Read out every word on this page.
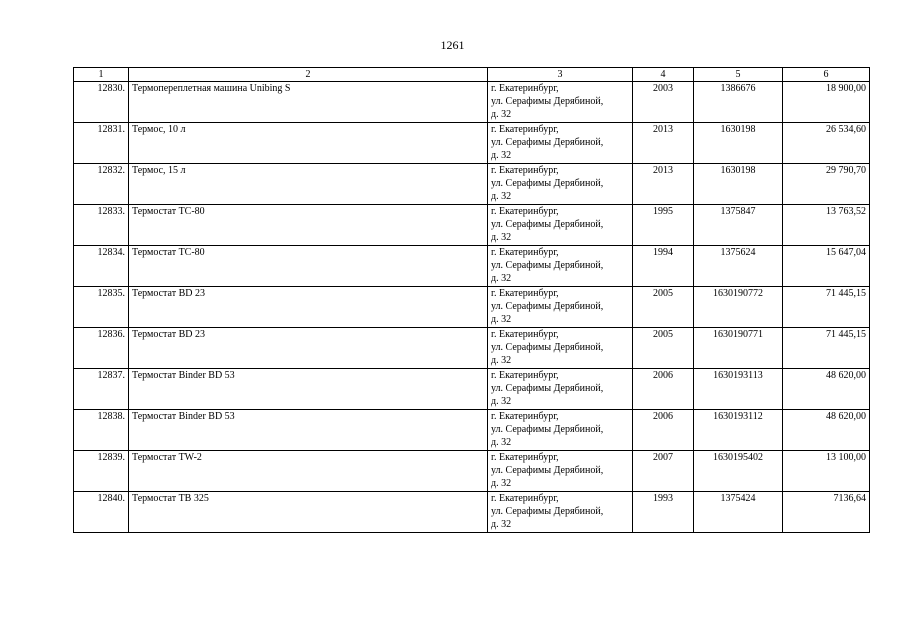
1261
1	2	3	4	5	6
12830.	Термопереплетная машина Unibing S	г. Екатеринбург,
ул. Серафимы Дерябиной,
д. 32	2003	1386676	18 900,00
12831.	Термос, 10 л	г. Екатеринбург,
ул. Серафимы Дерябиной,
д. 32	2013	1630198	26 534,60
12832.	Термос, 15 л	г. Екатеринбург,
ул. Серафимы Дерябиной,
д. 32	2013	1630198	29 790,70
12833.	Термостат ТС-80	г. Екатеринбург,
ул. Серафимы Дерябиной,
д. 32	1995	1375847	13 763,52
12834.	Термостат ТС-80	г. Екатеринбург,
ул. Серафимы Дерябиной,
д. 32	1994	1375624	15 647,04
12835.	Термостат BD 23	г. Екатеринбург,
ул. Серафимы Дерябиной,
д. 32	2005	1630190772	71 445,15
12836.	Термостат BD 23	г. Екатеринбург,
ул. Серафимы Дерябиной,
д. 32	2005	1630190771	71 445,15
12837.	Термостат Binder BD 53	г. Екатеринбург,
ул. Серафимы Дерябиной,
д. 32	2006	1630193113	48 620,00
12838.	Термостат Binder BD 53	г. Екатеринбург,
ул. Серафимы Дерябиной,
д. 32	2006	1630193112	48 620,00
12839.	Термостат TW-2	г. Екатеринбург,
ул. Серафимы Дерябиной,
д. 32	2007	1630195402	13 100,00
12840.	Термостат ТВ 325	г. Екатеринбург,
ул. Серафимы Дерябиной,
д. 32	1993	1375424	7136,64
